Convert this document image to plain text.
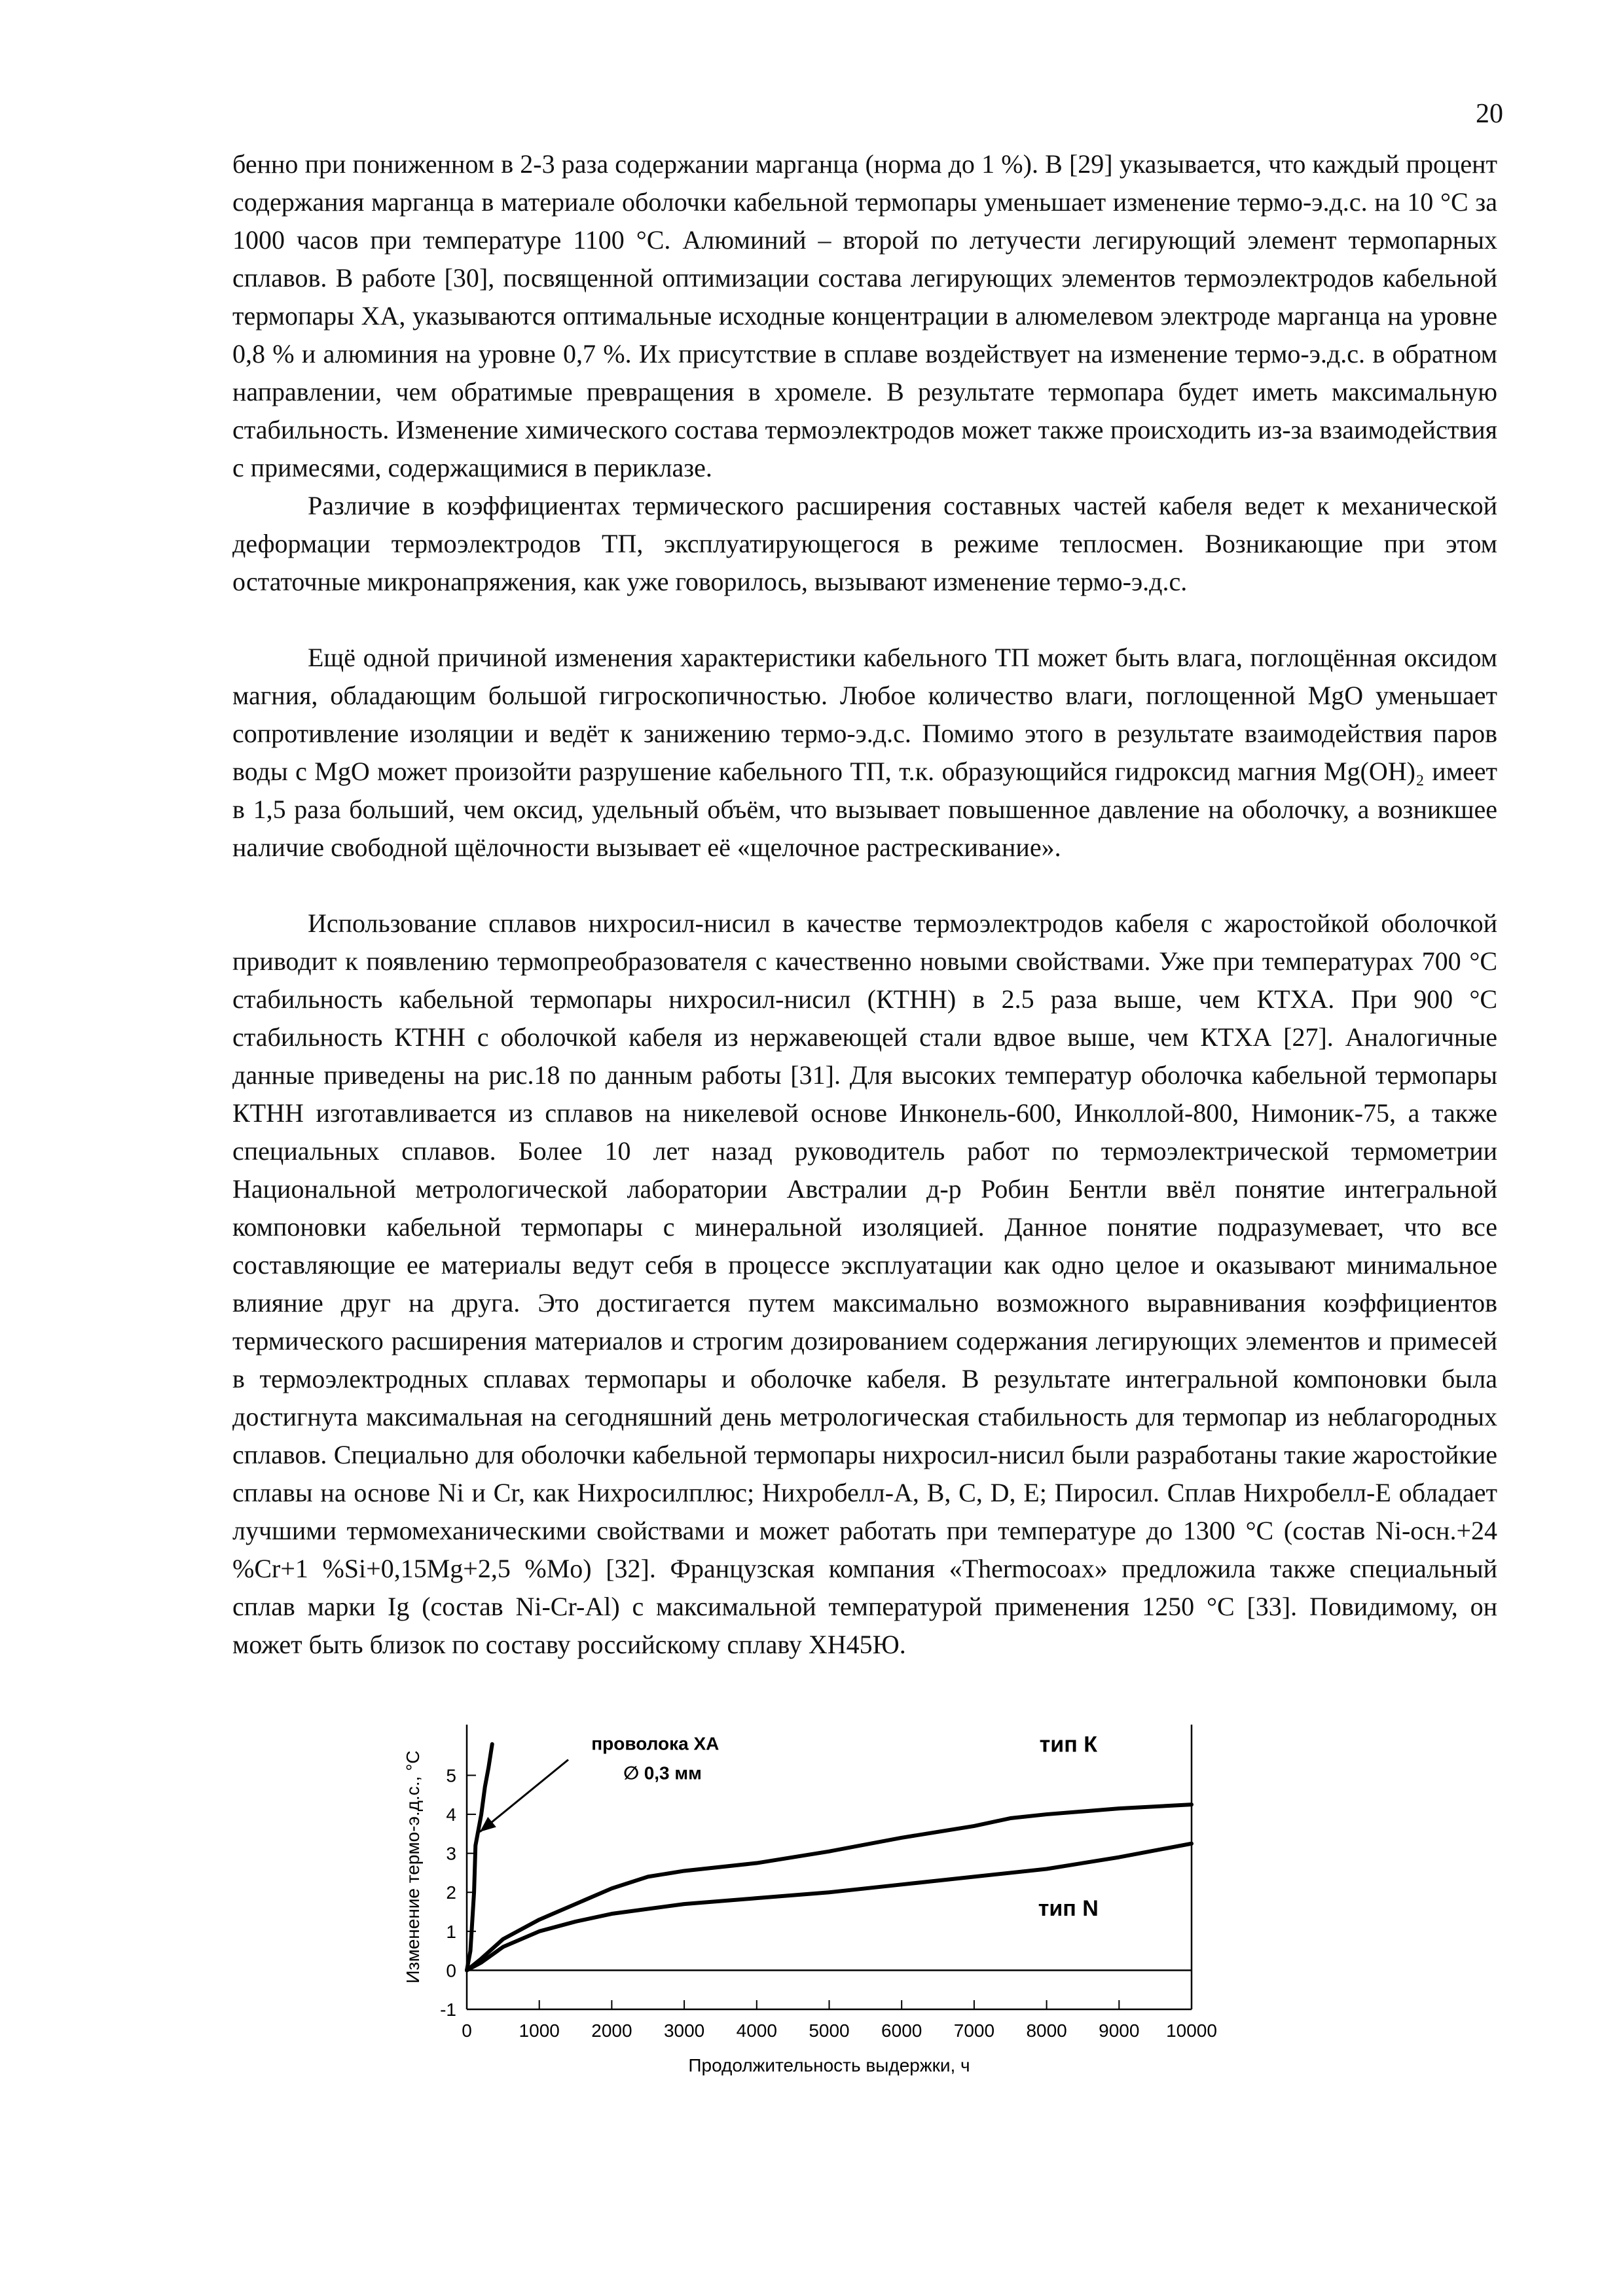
20

бенно при пониженном в 2-3 раза содержании марганца (норма до 1 %). В [29] указывается, что каждый процент содержания марганца в материале оболочки кабельной термопары уменьшает изменение термо-э.д.с. на 10 °С за 1000 часов при температуре 1100 °С. Алюминий – второй по летучести легирующий элемент термопарных сплавов. В работе [30], посвященной оптимизации состава легирующих элементов термоэлектродов кабельной термопары ХА, указываются оптимальные исходные концентрации в алюмелевом электроде марганца на уровне 0,8 % и алюминия на уровне 0,7 %. Их присутствие в сплаве воздействует на изменение термо-э.д.с. в обратном направлении, чем обратимые превращения в хромеле. В результате термопара будет иметь максимальную стабильность. Изменение химического состава термоэлектродов может также происходить из-за взаимодействия с примесями, содержащимися в периклазе.

Различие в коэффициентах термического расширения составных частей кабеля ведет к механической деформации термоэлектродов ТП, эксплуатирующегося в режиме теплосмен. Возникающие при этом остаточные микронапряжения, как уже говорилось, вызывают изменение термо-э.д.с.

Ещё одной причиной изменения характеристики кабельного ТП может быть влага, поглощённая оксидом магния, обладающим большой гигроскопичностью. Любое количество влаги, поглощенной MgO уменьшает сопротивление изоляции и ведёт к занижению термо-э.д.с. Помимо этого в результате взаимодействия паров воды с MgO может произойти разрушение кабельного ТП, т.к. образующийся гидроксид магния Mg(OH)₂ имеет в 1,5 раза больший, чем оксид, удельный объём, что вызывает повышенное давление на оболочку, а возникшее наличие свободной щёлочности вызывает её «щелочное растрескивание».

Использование сплавов нихросил-нисил в качестве термоэлектродов кабеля с жаростойкой оболочкой приводит к появлению термопреобразователя с качественно новыми свойствами. Уже при температурах 700 °С стабильность кабельной термопары нихросил-нисил (КТНН) в 2.5 раза выше, чем КТХА. При 900 °С стабильность КТНН с оболочкой кабеля из нержавеющей стали вдвое выше, чем КТХА [27]. Аналогичные данные приведены на рис.18 по данным работы [31]. Для высоких температур оболочка кабельной термопары КТНН изготавливается из сплавов на никелевой основе Инконель-600, Инколлой-800, Нимоник-75, а также специальных сплавов. Более 10 лет назад руководитель работ по термоэлектрической термометрии Национальной метрологической лаборатории Австралии д-р Робин Бентли ввёл понятие интегральной компоновки кабельной термопары с минеральной изоляцией. Данное понятие подразумевает, что все составляющие ее материалы ведут себя в процессе эксплуатации как одно целое и оказывают минимальное влияние друг на друга. Это достигается путем максимально возможного выравнивания коэффициентов термического расширения материалов и строгим дозированием содержания легирующих элементов и примесей в термоэлектродных сплавах термопары и оболочке кабеля. В результате интегральной компоновки была достигнута максимальная на сегодняшний день метрологическая стабильность для термопар из неблагородных сплавов. Специально для оболочки кабельной термопары нихросил-нисил были разработаны такие жаростойкие сплавы на основе Ni и Cr, как Нихросилплюс; Нихробелл-А, B, C, D, E; Пиросил. Сплав Нихробелл-Е обладает лучшими термомеханическими свойствами и может работать при температуре до 1300 °С (состав Ni-осн.+24 %Cr+1 %Si+0,15Mg+2,5 %Mo) [32]. Французская компания «Thermocoax» предложила также специальный сплав марки Ig (состав Ni-Cr-Al) с максимальной температурой применения 1250 °С [33]. Повидимому, он может быть близок по составу российскому сплаву ХН45Ю.

-1
0
1
2
3
4
5
0	1000 2000 3000 4000 5000 6000 7000 8000 9000 10000
тип К
тип N
проволока ХА
∅ 0,3 мм
Продолжительность выдержки, ч
Изменение термо-э.д.с., °С
